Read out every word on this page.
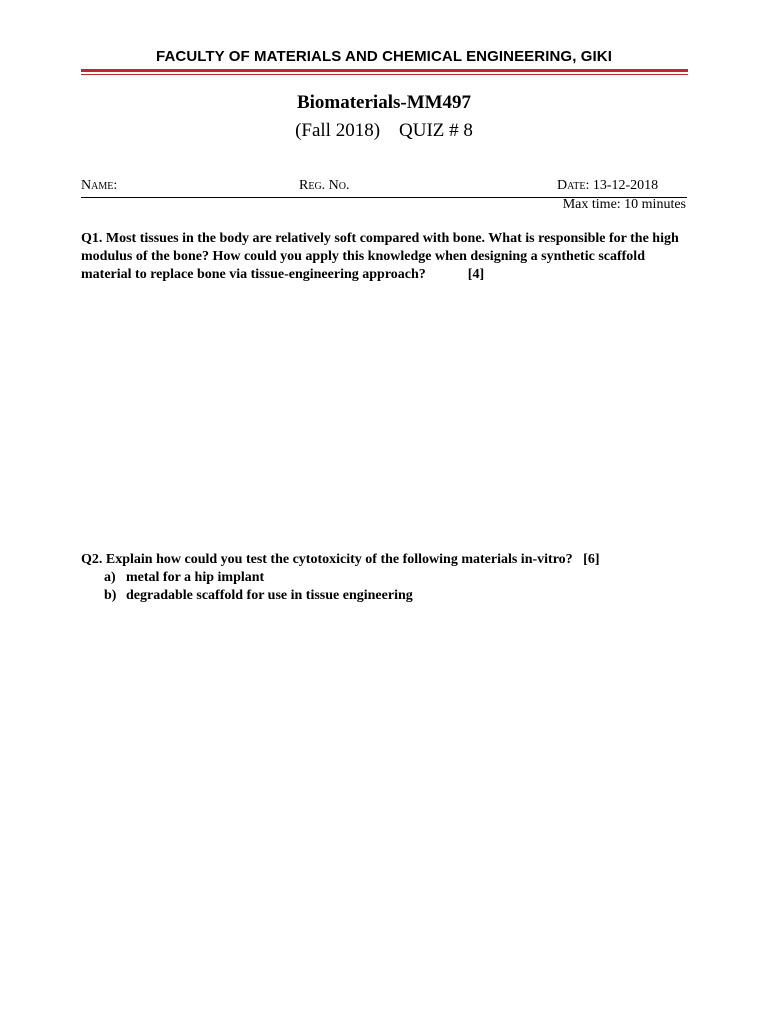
FACULTY OF MATERIALS AND CHEMICAL ENGINEERING, GIKI
Biomaterials-MM497
(Fall 2018)    QUIZ # 8
Name:	Reg. No.	Date: 13-12-2018
Max time: 10 minutes
Q1. Most tissues in the body are relatively soft compared with bone. What is responsible for the high modulus of the bone? How could you apply this knowledge when designing a synthetic scaffold material to replace bone via tissue-engineering approach?	[4]
Q2. Explain how could you test the cytotoxicity of the following materials in-vitro? [6]
a) metal for a hip implant
b) degradable scaffold for use in tissue engineering
